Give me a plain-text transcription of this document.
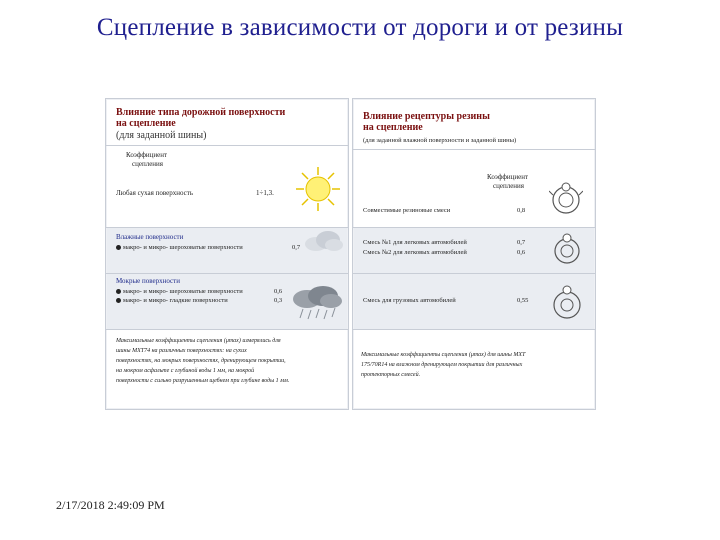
Сцепление в зависимости от дороги и от резины
Влияние типа дорожной поверхности
на сцепление
(для заданной шины)
Коэффициент
сцепления
Любая сухая поверхность	1÷1,3.
Влажные поверхности
макро- и микро- шероховатые поверхности	0,7
Мокрые поверхности
макро- и микро- шероховатые поверхности	0,6
макро- и микро- гладкие поверхности	0,3
Максимальные коэффициенты сцепления (μmax) измерялись для
шины MXT74 на различных поверхностях: на сухих
поверхностях, на мокрых поверхностях, дренирующем покрытии,
на мокром асфальте с глубиной воды 1 мм, на мокрой
поверхности с сильно разрушенным щебнем при глубине воды 1 мм.
Влияние рецептуры резины
на сцепление
(для заданной влажной поверхности и заданной шины)
Коэффициент
сцепления
Совместимые резиновые смеси	0,8
Смесь №1 для легковых автомобилей	0,7
Смесь №2 для легковых автомобилей	0,6
Смесь для грузовых автомобилей	0,55
Максимальные коэффициенты сцепления (μmax) для шины MXT
175/70R14 на влажном дренирующем покрытии для различных
протекторных смесей.
2/17/2018 2:49:09 PM
